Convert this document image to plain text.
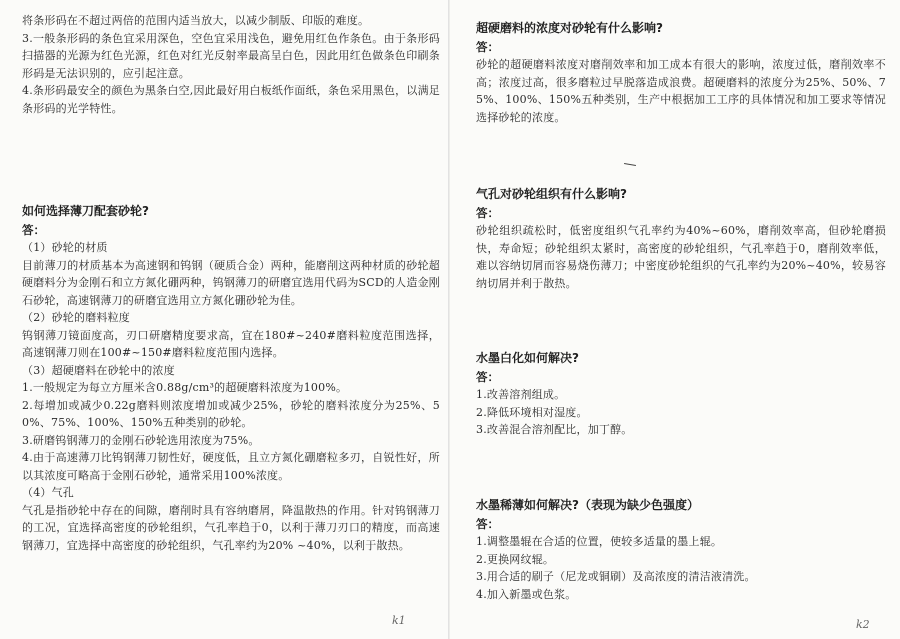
将条形码在不超过两倍的范围内适当放大，以减少制版、印版的难度。

3.一般条形码的条色宜采用深色，空色宜采用浅色，避免用红色作条色。由于条形码扫描器的光源为红色光源，红色对红光反射率最高呈白色，因此用红色做条色印刷条形码是无法识别的，应引起注意。

4.条形码最安全的颜色为黑条白空,因此最好用白板纸作面纸，条色采用黑色，以满足条形码的光学特性。

如何选择薄刀配套砂轮?
答：

（1）砂轮的材质

目前薄刀的材质基本为高速钢和钨钢（硬质合金）两种，能磨削这两种材质的砂轮超硬磨料分为金刚石和立方氮化硼两种，钨钢薄刀的研磨宜选用代码为SCD的人造金刚石砂轮，高速钢薄刀的研磨宜选用立方氮化硼砂轮为佳。

（2）砂轮的磨料粒度

钨钢薄刀镜面度高，刃口研磨精度要求高，宜在180#~240#磨料粒度范围选择，高速钢薄刀则在100#~150#磨料粒度范围内选择。

（3）超硬磨料在砂轮中的浓度

1.一般规定为每立方厘米含0.88g/cm³的超硬磨料浓度为100%。

2.每增加或减少0.22g磨料则浓度增加或减少25%，砂轮的磨料浓度分为25%、50%、75%、100%、150%五种类别的砂轮。

3.研磨钨钢薄刀的金刚石砂轮选用浓度为75%。

4.由于高速薄刀比钨钢薄刀韧性好，硬度低，且立方氮化硼磨粒多刃，自锐性好，所以其浓度可略高于金刚石砂轮，通常采用100%浓度。

（4）气孔

气孔是指砂轮中存在的间隙，磨削时具有容纳磨屑，降温散热的作用。针对钨钢薄刀的工况，宜选择高密度的砂轮组织，气孔率趋于0，以利于薄刀刃口的精度，而高速钢薄刀，宜选择中高密度的砂轮组织，气孔率约为20% ~40%，以利于散热。

k1
超硬磨料的浓度对砂轮有什么影响?
答：

砂轮的超硬磨料浓度对磨削效率和加工成本有很大的影响，浓度过低，磨削效率不高；浓度过高，很多磨粒过早脱落造成浪费。超硬磨料的浓度分为25%、50%、75%、100%、150%五种类别，生产中根据加工工序的具体情况和加工要求等情况选择砂轮的浓度。

气孔对砂轮组织有什么影响?
答：

砂轮组织疏松时，低密度组织气孔率约为40%~60%，磨削效率高，但砂轮磨损快，寿命短；砂轮组织太紧时，高密度的砂轮组织，气孔率趋于0，磨削效率低，难以容纳切屑而容易烧伤薄刀；中密度砂轮组织的气孔率约为20%~40%，较易容纳切屑并利于散热。

水墨白化如何解决?
答：

1.改善溶剂组成。

2.降低环境相对湿度。

3.改善混合溶剂配比，加丁醇。

水墨稀薄如何解决?（表现为缺少色强度）
答：

1.调整墨辊在合适的位置，使较多适量的墨上辊。

2.更换网纹辊。

3.用合适的刷子（尼龙或铜刷）及高浓度的清洁液清洗。

4.加入新墨或色浆。

k2
